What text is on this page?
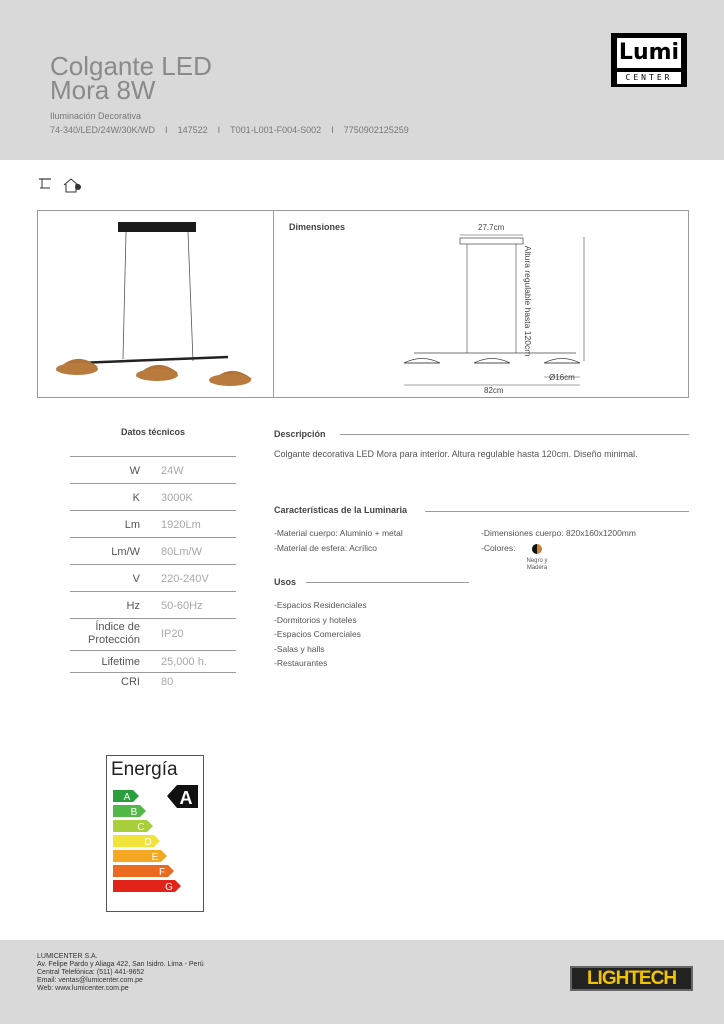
Colgante LED
Mora 8W
Iluminación Decorativa
74-340/LED/24W/30K/WD I 147522 I T001-L001-F004-S002 I 7750902125259
Lumi
CENTER
Dimensiones	27.7cm
Altura regulable hasta 120cm
Ø16cm
82cm
Datos técnicos
W 24W
K 3000K
Lm 1920Lm
Lm/W 80Lm/W
V 220-240V
Hz 50-60Hz
Índice de
Protección IP20
Lifetime 25,000 h.
CRI 80
Descripción
Colgante decorativa LED Mora para interior. Altura regulable hasta 120cm. Diseño minimal.
Características de la Luminaria
-Material cuerpo: Aluminio + metal
-Material de esfera: Acrílico
-Dimensiones cuerpo: 820x160x1200mm
-Colores:
Negro y
Madera
Usos
-Espacios Residenciales
-Dormitorios y hoteles
-Espacios Comerciales
-Salas y halls
-Restaurantes
Energía
A
B
C
D
E
F
G
A
LUMICENTER S.A.
Av. Felipe Pardo y Aliaga 422, San Isidro. Lima - Perú
Central Telefónica: (511) 441-9652
Email: ventas@lumicenter.com.pe
Web: www.lumicenter.com.pe	LIGHTECH
